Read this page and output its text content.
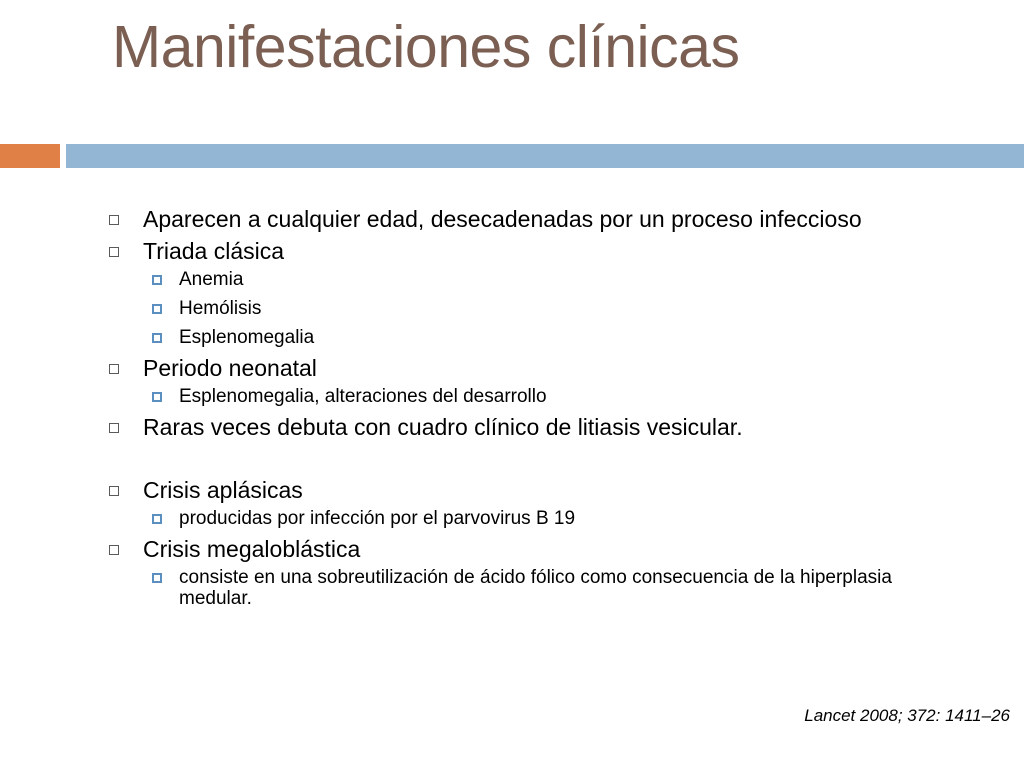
Manifestaciones clínicas
Aparecen a cualquier edad, desecadenadas por un proceso infeccioso
Triada clásica
Anemia
Hemólisis
Esplenomegalia
Periodo neonatal
Esplenomegalia, alteraciones del desarrollo
Raras veces debuta con cuadro clínico de litiasis vesicular.
Crisis aplásicas
producidas por infección por el parvovirus B 19
Crisis megaloblástica
consiste en una sobreutilización de ácido fólico como consecuencia de la hiperplasia medular.
Lancet 2008; 372: 1411–26
